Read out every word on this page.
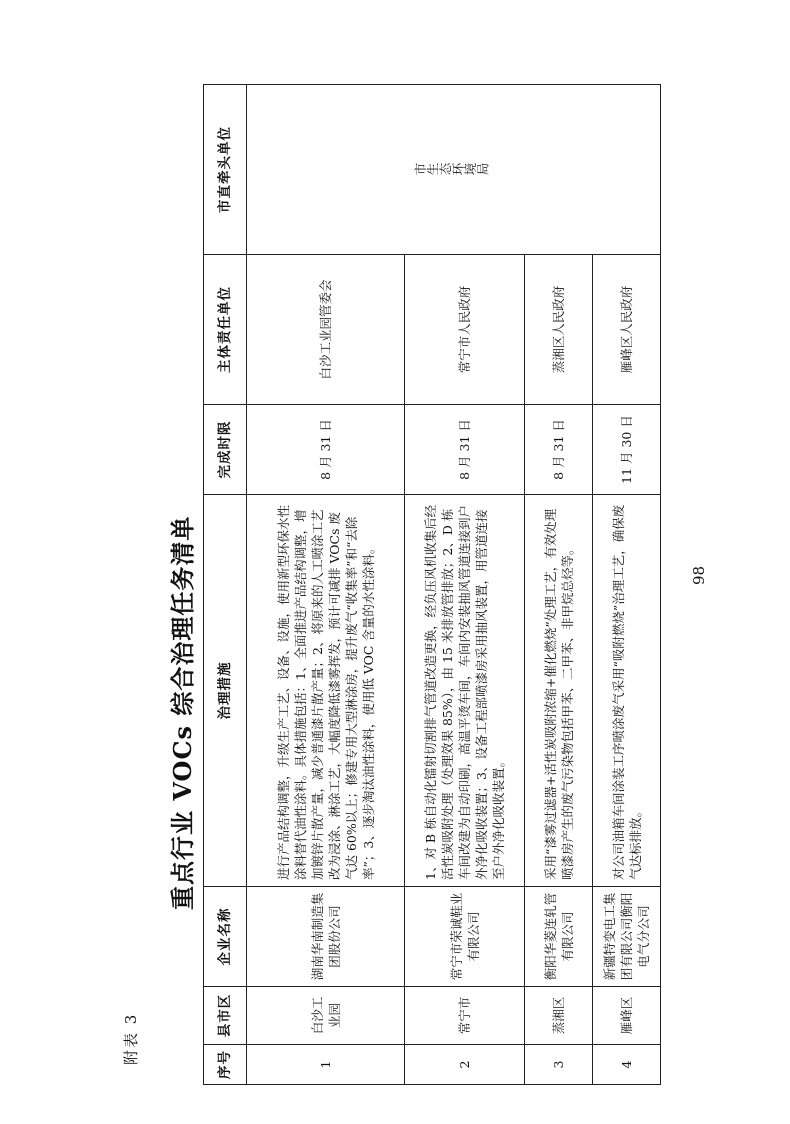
附表 3
重点行业 VOCs 综合治理任务清单	98
序号	县市区	企业名称	治理措施	完成时限	主体责任单位	市直牵头单位
1	白沙工业园	湖南华南制造集团股份公司	进行产品结构调整，升级生产工艺、设备、设施，使用新型环保水性涂料替代油性涂料。具体措施包括：1、全面推进产品结构调整，增加镀锌片散产量，减少普通漆片散产量；2、将原来的人工喷涂工艺改为浸涂、淋涂工艺，大幅度降低漆雾挥发，预计可减排 VOCs 废气达 60%以上；修建专用大型淋涂房，提升废气“收集率”和“去除率”；3、逐步淘汰油性涂料，使用低 VOC 含量的水性涂料。	8 月 31 日	白沙工业园管委会	市生态环境局
2	常宁市	常宁市荣诚鞋业有限公司	1、对 B 栋自动化镭射切割排气管道改造更换，经负压风机收集后经活性炭吸附处理（处理效果 85%），由 15 米排放管排放；2、D 栋车间改建为自动印刷，高温平烫车间，车间内安装抽风管道连接到户外净化吸收装置；3、设备工程部喷漆房采用抽风装置，用管道连接至户外净化吸收装置。	8 月 31 日	常宁市人民政府	
3	蒸湘区	衡阳华菱连轧管有限公司	采用“漆雾过滤器+活性炭吸附浓缩+催化燃烧”处理工艺，有效处理喷漆房产生的废气污染物包括甲苯、二甲苯、非甲烷总烃等。	8 月 31 日	蒸湘区人民政府	
4	雁峰区	新疆特变电工集团有限公司衡阳电气分公司	对公司油箱车间涂装工序喷涂废气采用“吸附燃烧”治理工艺，确保废气达标排放。	11 月 30 日	雁峰区人民政府	
